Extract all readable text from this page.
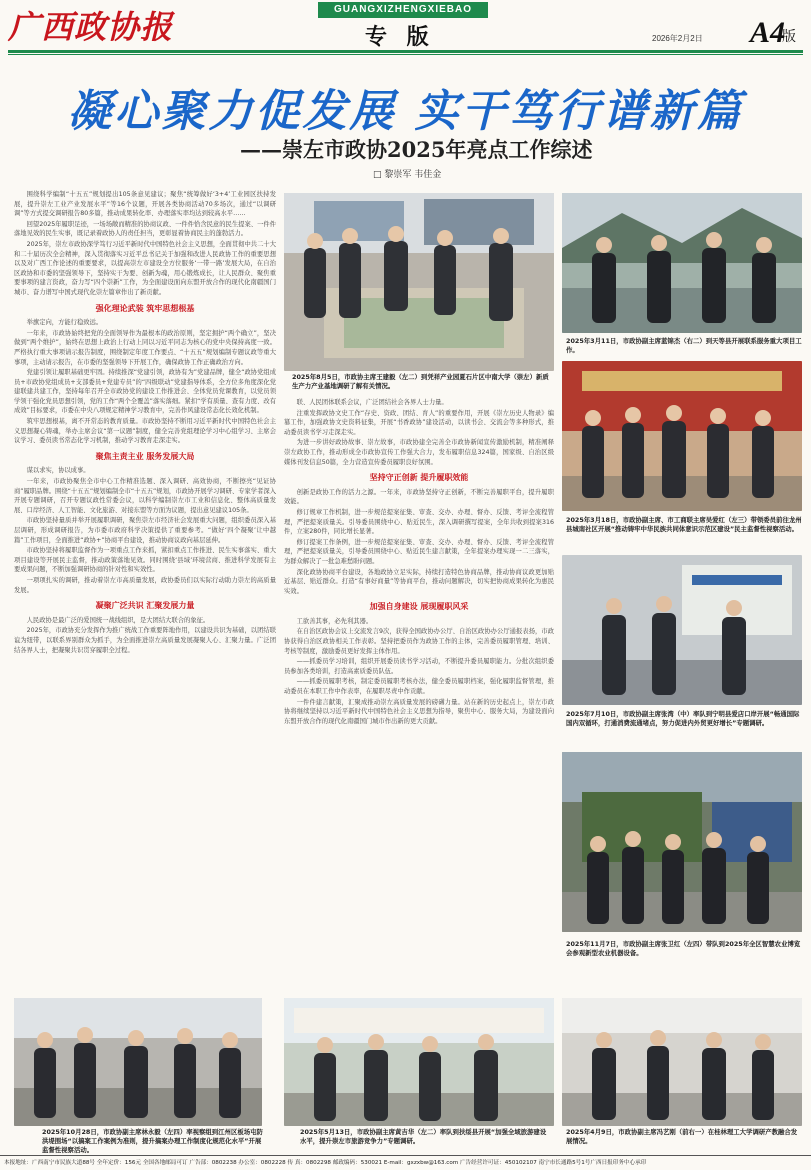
广西政协报	GUANGXIZHENGXIEBAO
专 版	2026年2月2日 A4
版
凝心聚力促发展 实干笃行谱新篇
——崇左市政协2025年亮点工作综述
□ 黎崇军 韦佳金

围绕科学编制“十五五”规划提出105条意见建议；聚焦“统筹做好‘3+4’工业园区扶持发展，提升崇左工业产业发展水平”等16个议题，开展各类协商活动70多场次，通过“以调研调”等方式提交调研报告80多篇，推动成果转化率、办理落实率均达到较高水平……

回望2025年履职足迹，一场场敞而精准的协商议政、一件件恰含民意的民生提案、一件件落地见效的民生实事，既记录着政协人的责任担当，更彰显着协商民主的蓬勃活力。

2025年，崇左市政协深学笃行习近平新时代中国特色社会主义思想，全面贯彻中共二十大和二十届历次全会精神，深入贯彻落实习近平总书记关于加强和改进人民政协工作的重要思想以及对广西工作论述的重要要求，以提高崇左市建设全方位服务‘一带一路’发展大局，在自治区政协和市委的坚强领导下，坚持实干为要、创新为魂，用心锻炼成长，让人民群众、聚焦重要事项的建言资政，奋力写“四个崇新”工作，为全面建设面向东盟开放合作的现代化南疆国门城市、奋力谱写中国式现代化崇左篇章作出了新贡献。

强化理论武装 筑牢思想根基

举旗定向，方能行稳致远。

一年来，市政协始终把党的全面领导作为最根本的政治原则，坚定拥护“两个确立”，坚决做到“两个维护”，始终在思想上政治上行动上同以习近平同志为核心的党中央保持高度一致。严格执行重大事项请示报告制度，围绕制定年度工作要点、“十五五”规划编制专题议政等重大事项，主动请示报告，在市委的坚强领导下开展工作，确保政协工作正确政治方向。

党建引领让履职基础更牢固。持续推深“党建引领，政协有为”党建品牌，健全“政协党组成员+市政协党组成员+支部委员+党建专员”的“四级联动”党建指导体系，全方位多角度深化党建联建共建工作，坚持每年召开全市政协党的建设工作推进会、全体党员党课教育，以党员领学领干强化党员思想引领，党的工作“两个全覆盖”落实落细。紧扣“学有质量、查有力度、改有成效”目标要求，市委在中央八项规定精神学习教育中，完善作风建设常态化长效化机制。

筑牢思想根基，离不开常态的教育质量。市政协坚持不断用习近平新时代中国特色社会主义思想凝心铸魂，举办主席会议“第一议题”制度，健全完善党组理论学习中心组学习、主席会议学习、委员读书常态化学习机制，推动学习教育走深走实。

聚焦主责主业 服务发展大局

谋以求实，协以成事。

一年来，市政协聚焦全市中心工作精准选题、深入调研、高效协商，不断擦亮“见证协商”履职品牌。围绕“十五五”规划编制全市“十五五”规划，市政协开展学习调研、专家学者深入开展专题调研，召开专题议政性常委会议，以科学编制崇左市工业和信息化、整体高质量发展、口岸经济、人工智能、文化旅游、对接东盟等方面为议题，提出意见建议105条。

市政协坚持量质并举开展履职调研，聚焦崇左市经济社会发展重大问题，组织委员深入基层调研，形成调研报告，为市委市政府科学决策提供了重要参考。“做好‘四个凝聚’让中越篇”工作项目，全面推进“政协+”协商平台建设，推动协商议政向基层延伸。

市政协坚持将履职监督作为一项重点工作来抓，紧扣重点工作推进、民生实事落实、重大项目建设等开展民主监督，推动政策落地见效。同时围绕‘县域’环境营商、推进科学发展有主要成果问题，不断加强调研协商的针对性和实效性。

一项项扎实的调研，推动着崇左市高质量发展，政协委员们以实际行动助力崇左的高质量发展。

凝聚广泛共识 汇聚发展力量

人民政协是最广泛的爱国统一战线组织，是大团结大联合的象征。

2025年，市政协充分发挥作为推广统战工作重要阵地作用，以建设共识为基础，以团结联谊为纽带，以联系界别群众为抓手，为全面推进崇左高质量发展凝聚人心、汇聚力量。广泛团结各界人士，把凝聚共识贯穿履职全过程。

联、人民团体联系会议，广泛团结社会各界人士力量。

注重发挥政协文史工作“存史、资政、团结、育人”的重要作用，开展《崇左历史人物录》编纂工作，加强政协文史资料征集，开展“书香政协”建设活动，以读书会、交流会等多种形式，推动委员读书学习走深走实。

为进一步讲好政协故事、崇左故事，市政协建全完善全市政协新闻宣传激励机制，精准阐释崇左政协工作，推动形成全市政协宣传工作强大合力，发布履职信息324篇，国家级、自治区级媒体刊发信息50篇，全力营造宣传委员履职良好氛围。

坚持守正创新 提升履职效能

创新是政协工作的活力之源。一年来，市政协坚持守正创新，不断完善履职平台，提升履职效能。

修订规章工作机制，进一步规范提案征集、审查、交办、办理、督办、反馈、考评全流程管理，严把提案质量关。引导委员围绕中心、贴近民生，深入调研撰写提案，全年共收到提案316件，立案280件，同比增长显著。

修订提案工作条例，进一步规范提案征集、审查、交办、办理、督办、反馈、考评全流程管理，严把提案质量关，引导委员围绕中心、贴近民生建言献策，全年提案办理实现一二三落实，为群众解决了一批急难愁盼问题。

深化政协协商平台建设，各地政协立足实际，持续打造特色协商品牌，推动协商议政更加贴近基层、贴近群众。打造“有事好商量”等协商平台，推动问题解决，切实把协商成果转化为惠民实效。

加强自身建设 展现履职风采

工欲善其事，必先利其器。

在自治区政协会议上交流发言9次，获得全国政协办公厅、自治区政协办公厅通报表扬，市政协获得自治区政协相关工作表彰。坚持把委员作为政协工作的主体，完善委员履职管理、培训、考核等制度，激励委员更好发挥主体作用。

——抓委员学习培训，组织开展委员读书学习活动，不断提升委员履职能力。分批次组织委员参加各类培训，打造高素质委员队伍。

——抓委员履职考核，制定委员履职考核办法，健全委员履职档案，强化履职监督管理，推动委员在本职工作中作表率，在履职尽责中作贡献。

一件件建言献策，汇聚成推动崇左高质量发展的磅礴力量。站在新的历史起点上，崇左市政协将继续坚持以习近平新时代中国特色社会主义思想为指导，聚焦中心、服务大局，为建设面向东盟开放合作的现代化南疆国门城市作出新的更大贡献。

2025年8月5日，市政协主席王建毅（左二）到凭祥产业园夏石片区中南大学（崇左）新质生产力产业基地调研了解有关情况。
2025年3月11日，市政协副主席蓝锦杰（右二）到天等县开展联系服务重大项目工作。
2025年3月18日，市政协副主席、市工商联主席吴爱红（左三）带领委员前往龙州县城南社区开展“推动铸牢中华民族共同体意识示范区建设”民主监督性视察活动。
2025年7月10日，市政协副主席张湾（中）率队到宁明县爱店口岸开展“畅通国际国内双循环，打通消费流通堵点，努力促进内外贸更好增长”专题调研。
2025年11月7日，市政协副主席张卫红（左四）带队到2025年全区智慧农业博览会参观新型农业机器设备。
2025年10月28日，市政协副主席林永毅（左四）率视察组到江州区板场屯防洪堤围场“以搞案工作案例为准则，提升搞案办理工作制度化规范化水平”开展监督性视察活动。
2025年5月13日，市政协副主席黄吉华（左二）率队到扶绥县开展“加强全域旅游建设水平，提升崇左市旅游竞争力”专题调研。
2025年4月9日，市政协副主席冯艺刚（前右一）在桂林理工大学调研产教融合发展情况。
本报地址：广西南宁市民族大道88号 全年定价：156元 全国各地邮局可订 广告部：0802238 办公室：0802228 传 真：0802298 邮政编码：530021 E-mail：gxzxbw@163.com 广告经营许可证：450102107 南宁市长通路5号1号广西日报印务中心承印
